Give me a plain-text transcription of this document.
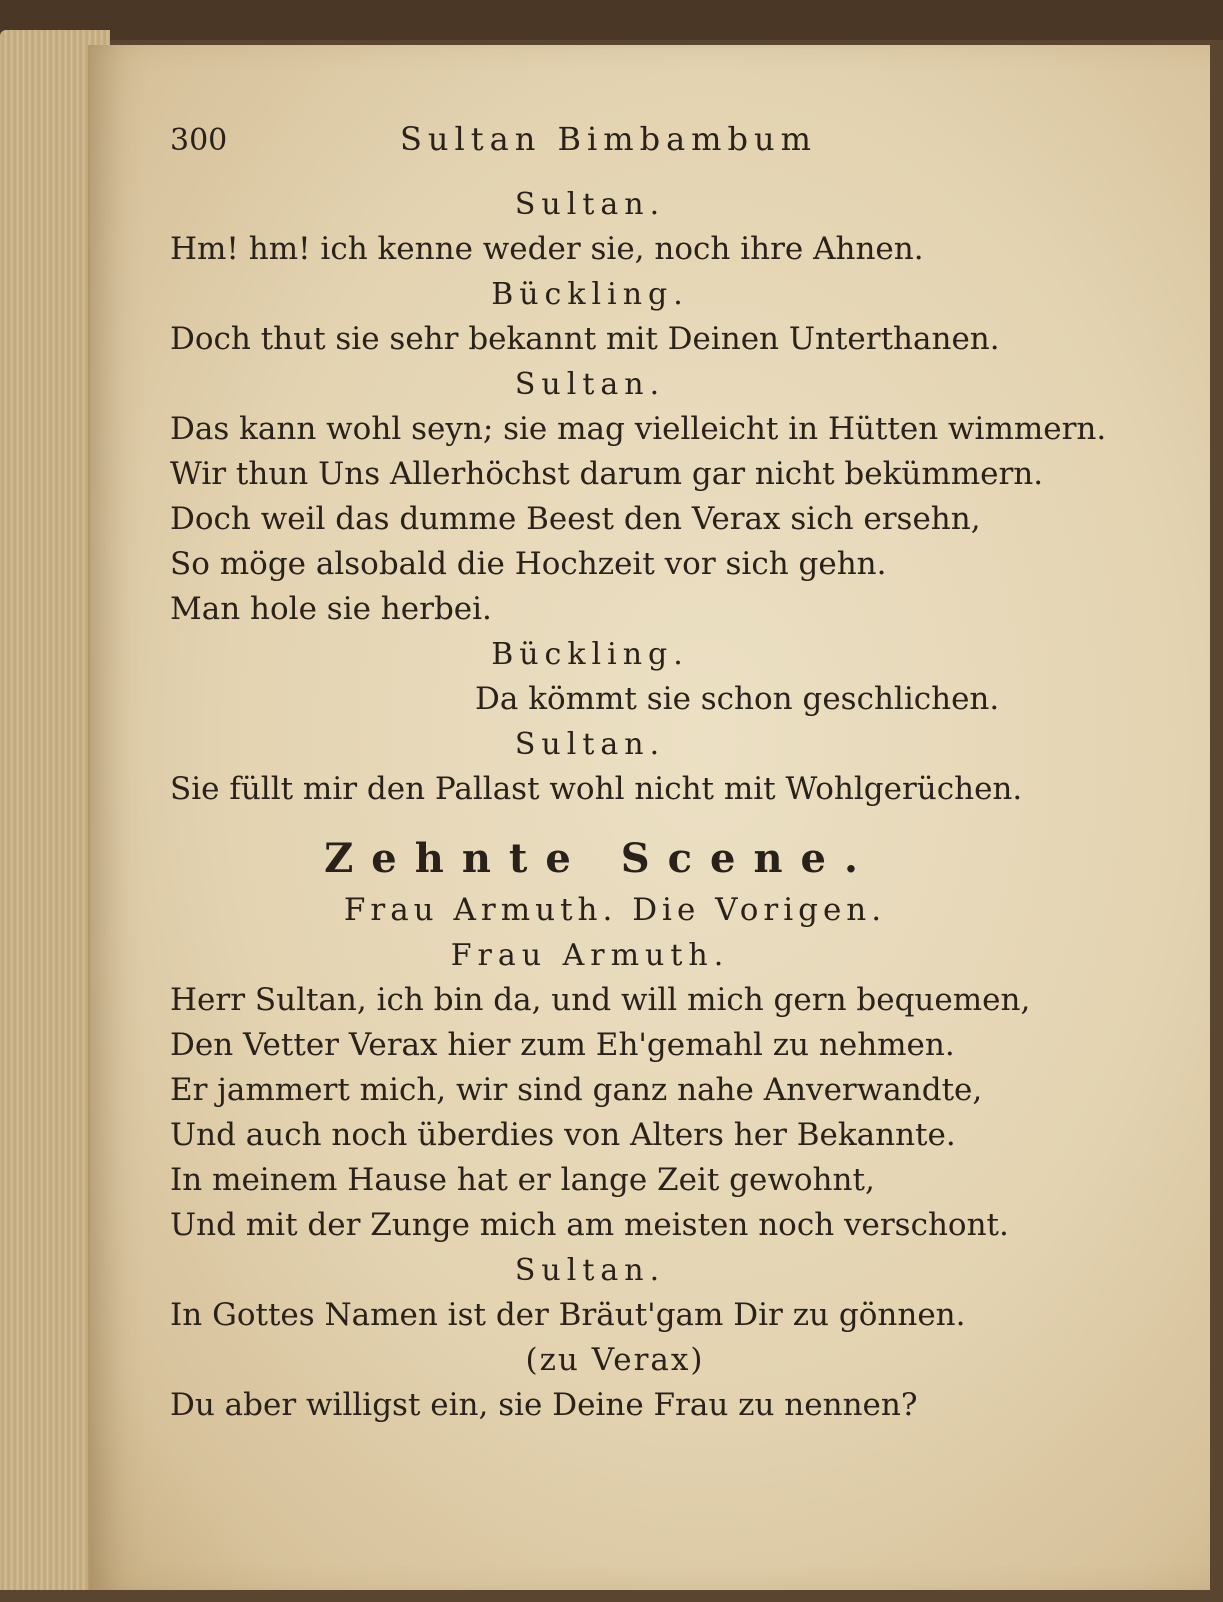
300	Sultan Bimbambum
Sultan.
Hm! hm! ich kenne weder sie, noch ihre Ahnen.
Bückling.
Doch thut sie sehr bekannt mit Deinen Unterthanen.
Sultan.
Das kann wohl seyn; sie mag vielleicht in Hütten wimmern.
Wir thun Uns Allerhöchst darum gar nicht bekümmern.
Doch weil das dumme Beest den Verax sich ersehn,
So möge alsobald die Hochzeit vor sich gehn.
Man hole sie herbei.
Bückling.
Da kömmt sie schon geschlichen.
Sultan.
Sie füllt mir den Pallast wohl nicht mit Wohlgerüchen.
Zehnte Scene.
Frau Armuth. Die Vorigen.
Frau Armuth.
Herr Sultan, ich bin da, und will mich gern bequemen,
Den Vetter Verax hier zum Eh'gemahl zu nehmen.
Er jammert mich, wir sind ganz nahe Anverwandte,
Und auch noch überdies von Alters her Bekannte.
In meinem Hause hat er lange Zeit gewohnt,
Und mit der Zunge mich am meisten noch verschont.
Sultan.
In Gottes Namen ist der Bräut'gam Dir zu gönnen.
(zu Verax)
Du aber willigst ein, sie Deine Frau zu nennen?
